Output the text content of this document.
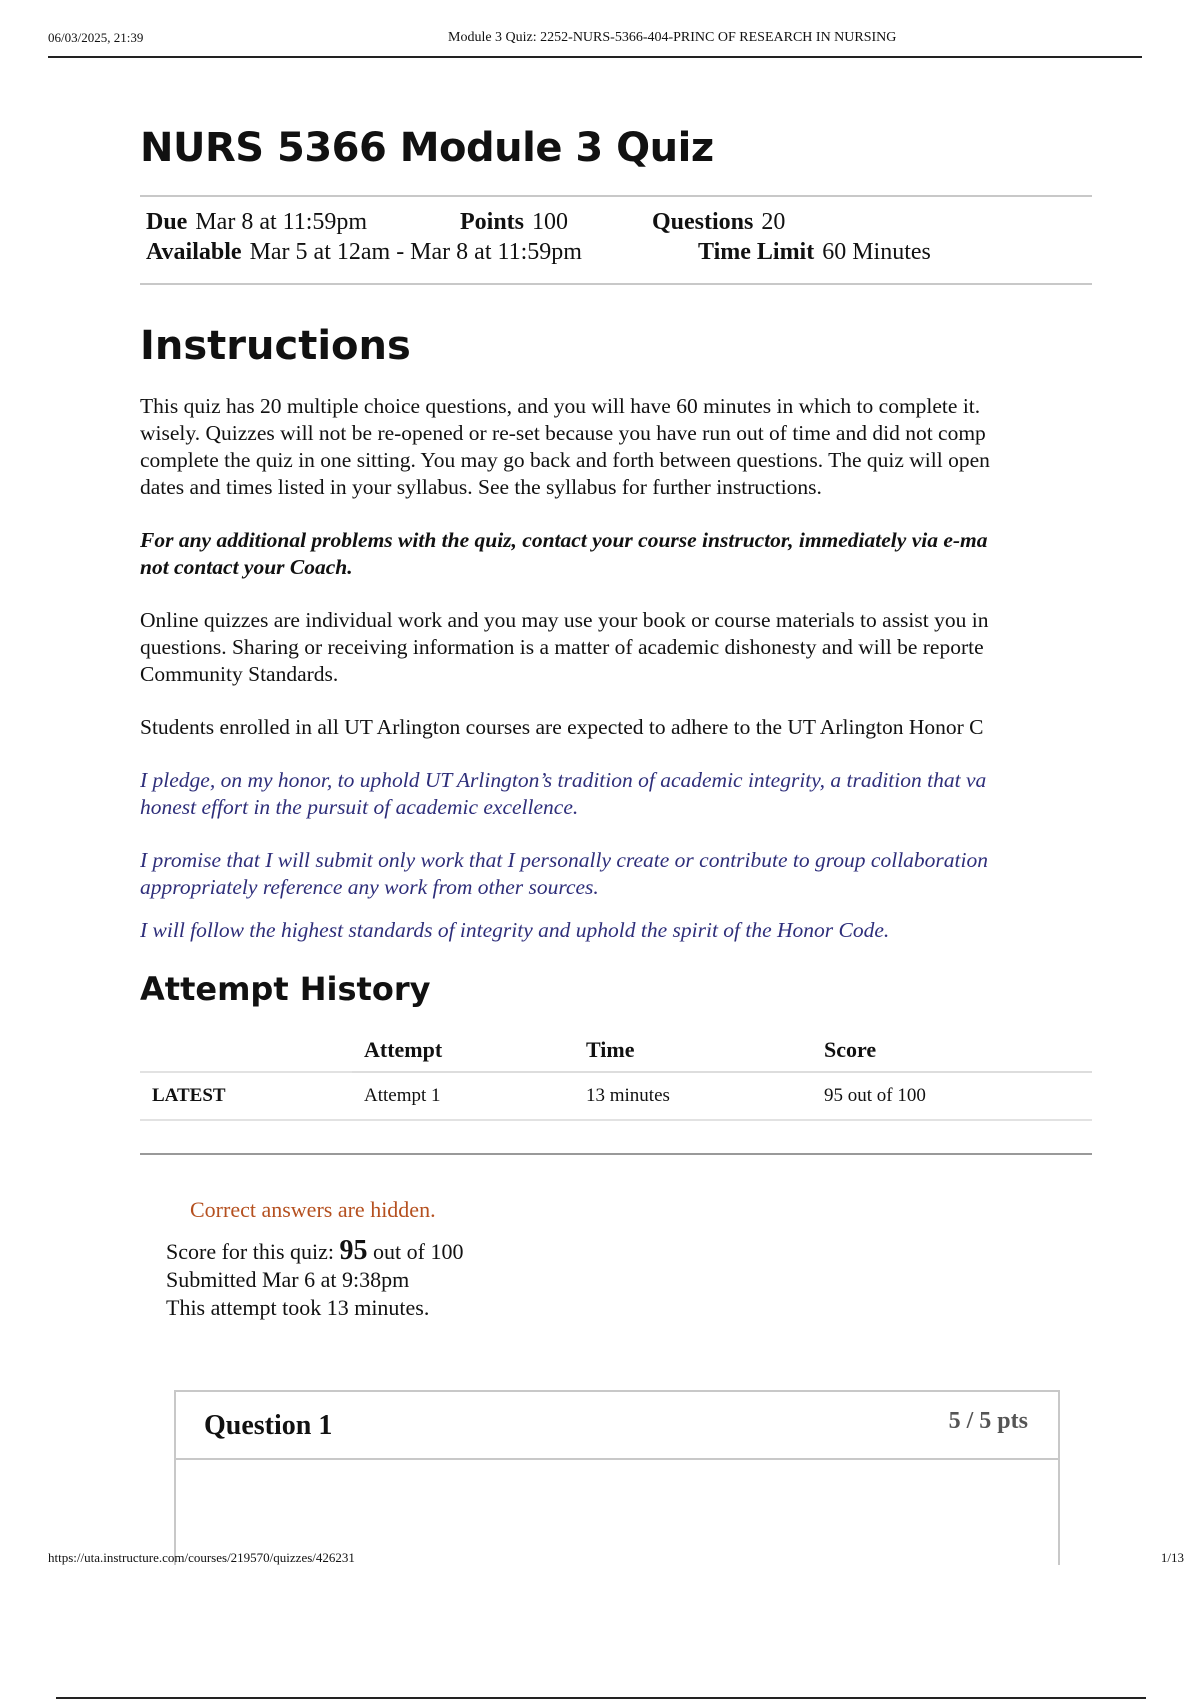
06/03/2025, 21:39	Module 3 Quiz: 2252-NURS-5366-404-PRINC OF RESEARCH IN NURSING
NURS 5366 Module 3 Quiz
Due Mar 8 at 11:59pm	Points 100	Questions 20
Available Mar 5 at 12am - Mar 8 at 11:59pm	Time Limit 60 Minutes
Instructions

This quiz has 20 multiple choice questions, and you will have 60 minutes in which to complete it.

wisely. Quizzes will not be re-opened or re-set because you have run out of time and did not comp

complete the quiz in one sitting. You may go back and forth between questions. The quiz will open

dates and times listed in your syllabus. See the syllabus for further instructions.

For any additional problems with the quiz, contact your course instructor, immediately via e-ma

not contact your Coach.

Online quizzes are individual work and you may use your book or course materials to assist you in

questions. Sharing or receiving information is a matter of academic dishonesty and will be reporte

Community Standards.

Students enrolled in all UT Arlington courses are expected to adhere to the UT Arlington Honor C

I pledge, on my honor, to uphold UT Arlington’s tradition of academic integrity, a tradition that va

honest effort in the pursuit of academic excellence.

I promise that I will submit only work that I personally create or contribute to group collaboration

appropriately reference any work from other sources.

I will follow the highest standards of integrity and uphold the spirit of the Honor Code.

Attempt History
	Attempt	Time	Score
LATEST	Attempt 1	13 minutes	95 out of 100
Correct answers are hidden.
Score for this quiz: 95 out of 100
Submitted Mar 6 at 9:38pm
This attempt took 13 minutes.
Question 1	5 / 5 pts
https://uta.instructure.com/courses/219570/quizzes/426231	1/13
